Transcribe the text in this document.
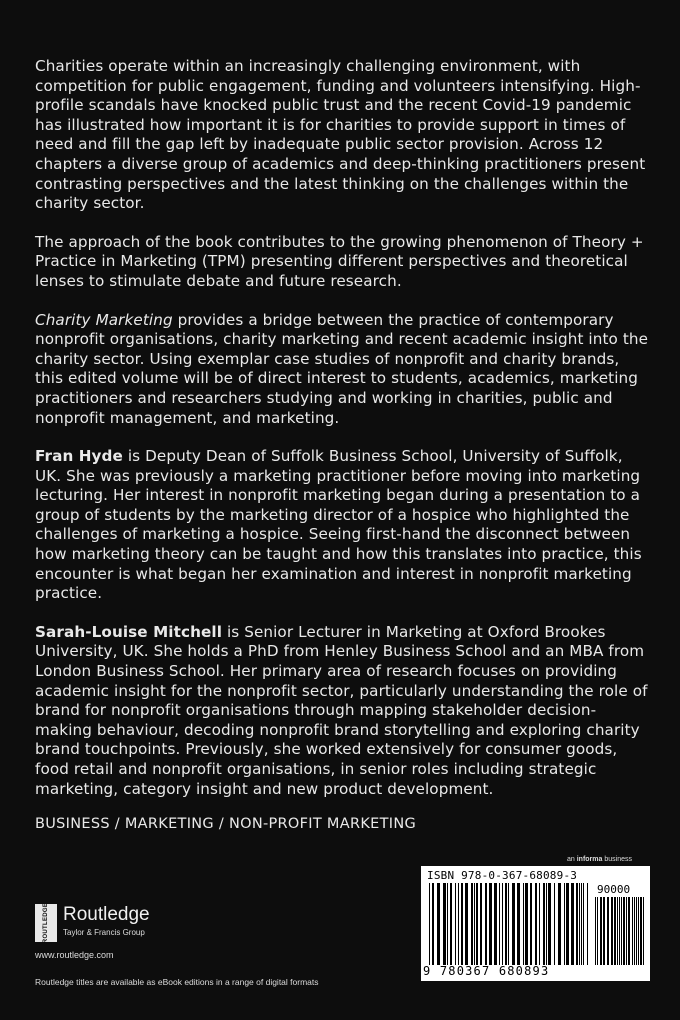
Charities operate within an increasingly challenging environment, with competition for public engagement, funding and volunteers intensifying. High-profile scandals have knocked public trust and the recent Covid-19 pandemic has illustrated how important it is for charities to provide support in times of need and fill the gap left by inadequate public sector provision. Across 12 chapters a diverse group of academics and deep-thinking practitioners present contrasting perspectives and the latest thinking on the challenges within the charity sector.

The approach of the book contributes to the growing phenomenon of Theory + Practice in Marketing (TPM) presenting different perspectives and theoretical lenses to stimulate debate and future research.

Charity Marketing provides a bridge between the practice of contemporary nonprofit organisations, charity marketing and recent academic insight into the charity sector. Using exemplar case studies of nonprofit and charity brands, this edited volume will be of direct interest to students, academics, marketing practitioners and researchers studying and working in charities, public and nonprofit management, and marketing.

Fran Hyde is Deputy Dean of Suffolk Business School, University of Suffolk, UK. She was previously a marketing practitioner before moving into marketing lecturing. Her interest in nonprofit marketing began during a presentation to a group of students by the marketing director of a hospice who highlighted the challenges of marketing a hospice. Seeing first-hand the disconnect between how marketing theory can be taught and how this translates into practice, this encounter is what began her examination and interest in nonprofit marketing practice.

Sarah-Louise Mitchell is Senior Lecturer in Marketing at Oxford Brookes University, UK. She holds a PhD from Henley Business School and an MBA from London Business School. Her primary area of research focuses on providing academic insight for the nonprofit sector, particularly understanding the role of brand for nonprofit organisations through mapping stakeholder decision-making behaviour, decoding nonprofit brand storytelling and exploring charity brand touchpoints. Previously, she worked extensively for consumer goods, food retail and nonprofit organisations, in senior roles including strategic marketing, category insight and new product development.

BUSINESS / MARKETING / NON-PROFIT MARKETING
an informa business
ROUTLEDGE Routledge
Taylor & Francis Group
www.routledge.com
ISBN 978-0-367-68089-3
90000
9 780367 680893
Routledge titles are available as eBook editions in a range of digital formats
